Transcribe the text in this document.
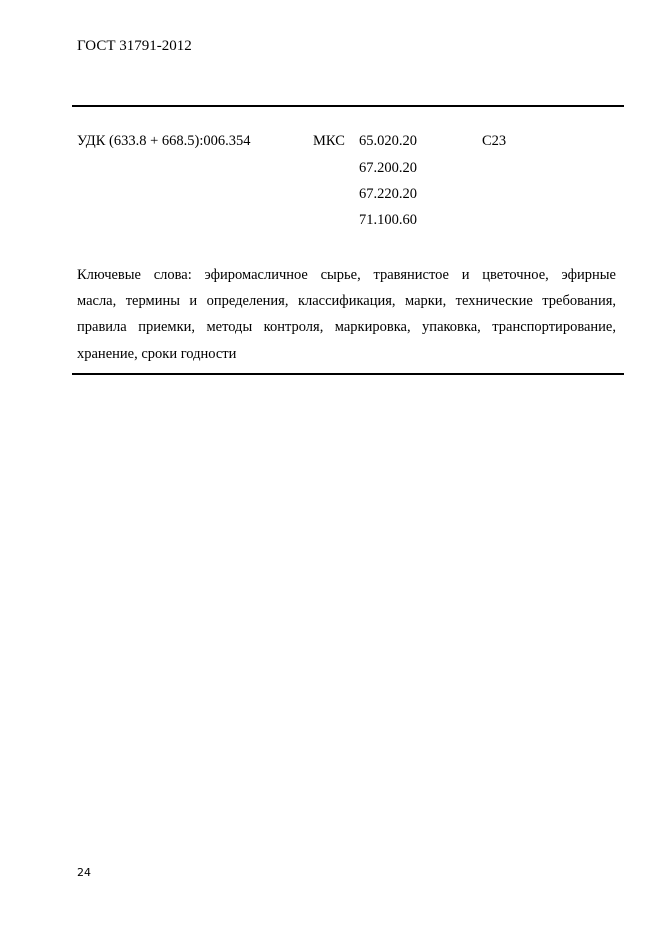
ГОСТ 31791-2012
УДК (633.8 + 668.5):006.354	МКС 65.020.20
67.200.20
67.220.20
71.100.60
С23
Ключевые слова: эфиромасличное сырье, травянистое и цветочное, эфирные
масла, термины и определения, классификация, марки, технические требования,
правила приемки, методы контроля, маркировка, упаковка, транспортирование,
хранение, сроки годности
24
